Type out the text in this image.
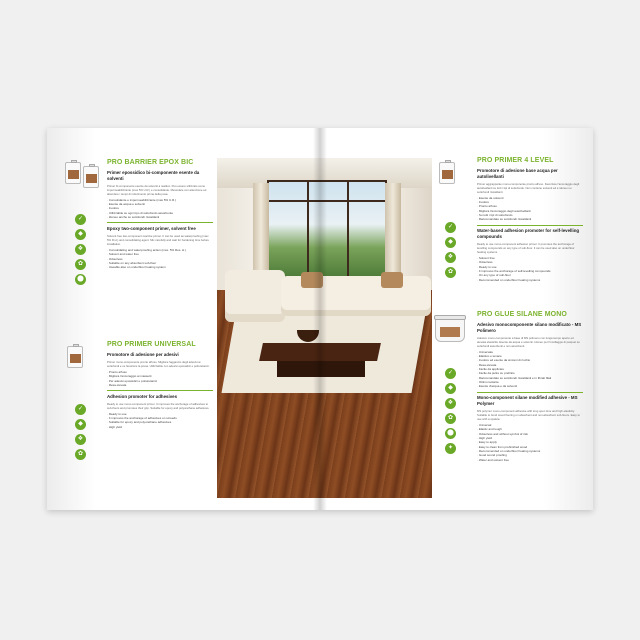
✓
◆
❖
✿
⬤
PRO BARRIER EPOX BIC
Primer epossidico bi-componente esente da solventi
Primer bi-componente esente da solventi a reattivo. Può essere utilizzato come impermeabilizzante (max 5% U.R.) e consolidante. Mescolare con attenzione ed attendere i tempi di indurimento prima della posa.
· Consolidante e impermeabilizzante (max 5% U.R.)
· Esente da acqua e solventi
· Inodore
· Utilizzabile su ogni tipo di sottofondo assorbente
· Idoneo anche su sottofondi riscaldanti
Epoxy two-component primer, solvent free
Solvent free two-component reactive primer. It can be used as waterproofing (max 5% R.H.) and consolidating agent. Mix carefully and wait for hardening time before installation.
· Consolidating and waterproofing action (max. 5% Res. H.)
· Solvent and water free
· Odourless
· Suitable on any absorbent sub-floor
· Useable also on underfloor heating system
✓
◆
❖
✿
PRO PRIMER UNIVERSAL
Promotore di adesione per adesivi
Primer mono-componente pronto all'uso. Migliora l'aggancio degli adesivi ai sottofondi e ne favorisce la presa. Utilizzabile con adesivi epossidici e poliuretanici.
· Pronto all'uso
· Migliora l'ancoraggio ai massetti
· Per adesivi epossidici e poliuretanici
· Resa elevata
Adhesion promoter for adhesives
Ready to use mono-component primer. It improves the anchorage of adhesives to sub-floors and promotes their grip. Suitable for epoxy and polyurethane adhesives.
· Ready to use
· It improves the anchorage of adhesives on screeds
· Suitable for epoxy and polyurethane adhesives
· High yield
✓
◆
❖
✿
PRO PRIMER 4 LEVEL
Promotore di adesione base acqua per autolivellanti
Primer aggrappante mono-componente pronto all'uso. Favorisce l'ancoraggio degli autolivellanti su tutti i tipi di sottofondo. Non contiene solventi ed è idoneo su sottofondi riscaldanti.
· Esente da solventi
· Inodore
· Pronto all'uso
· Migliora l'ancoraggio degli autolivellanti
· Su tutti i tipi di sottofondo
· Raccomandato su sottofondi riscaldanti
Water-based adhesion promoter for self-levelling compounds
Ready to use mono-component adhesion primer. It promotes the anchorage of levelling compounds on any type of sub-floor. It can be used also on underfloor heating systems.
· Solvent free
· Odourless
· Ready to use
· It improves the anchorage of self-levelling compounds
· On any type of sub-floor
· Recommended on underfloor heating systems
✓
◆
❖
✿
⬤
✦
PRO GLUE SILANE MONO
Adesivo monocomponente silano modificato - MS Polimero
Adesivo mono-componente a base di MS polimero con lunga tempo aperto ed elevata elasticità. Esente da acqua e solventi. Idoneo per l'incollaggio di parquet su sottofondi assorbenti e non assorbenti.
· Universale
· Elastico e tenace
· Inodore ed esente da sintomi di rischio
· Resa elevata
· Facile da applicare
· Facile da pulire su prefinito
· Raccomandato su sottofondi riscaldanti e in fibrati filati
· Ottimo isolante
· Esente d'acqua e da solventi
Mono-component silane modified adhesive - MS Polymer
MS polymer mono-component adhesive with long open time and high elasticity. Suitable to bond wood flooring on absorbent and non-absorbent sub-floors. Easy to use with a spatula.
· Universal
· Elastic and tough
· Odourless and without symbol of risk
· High yield
· Easy to apply
· Easy to clean from prefinished wood
· Recommended on underfloor heating systems
· Good sound proofing
· Water and solvent free
